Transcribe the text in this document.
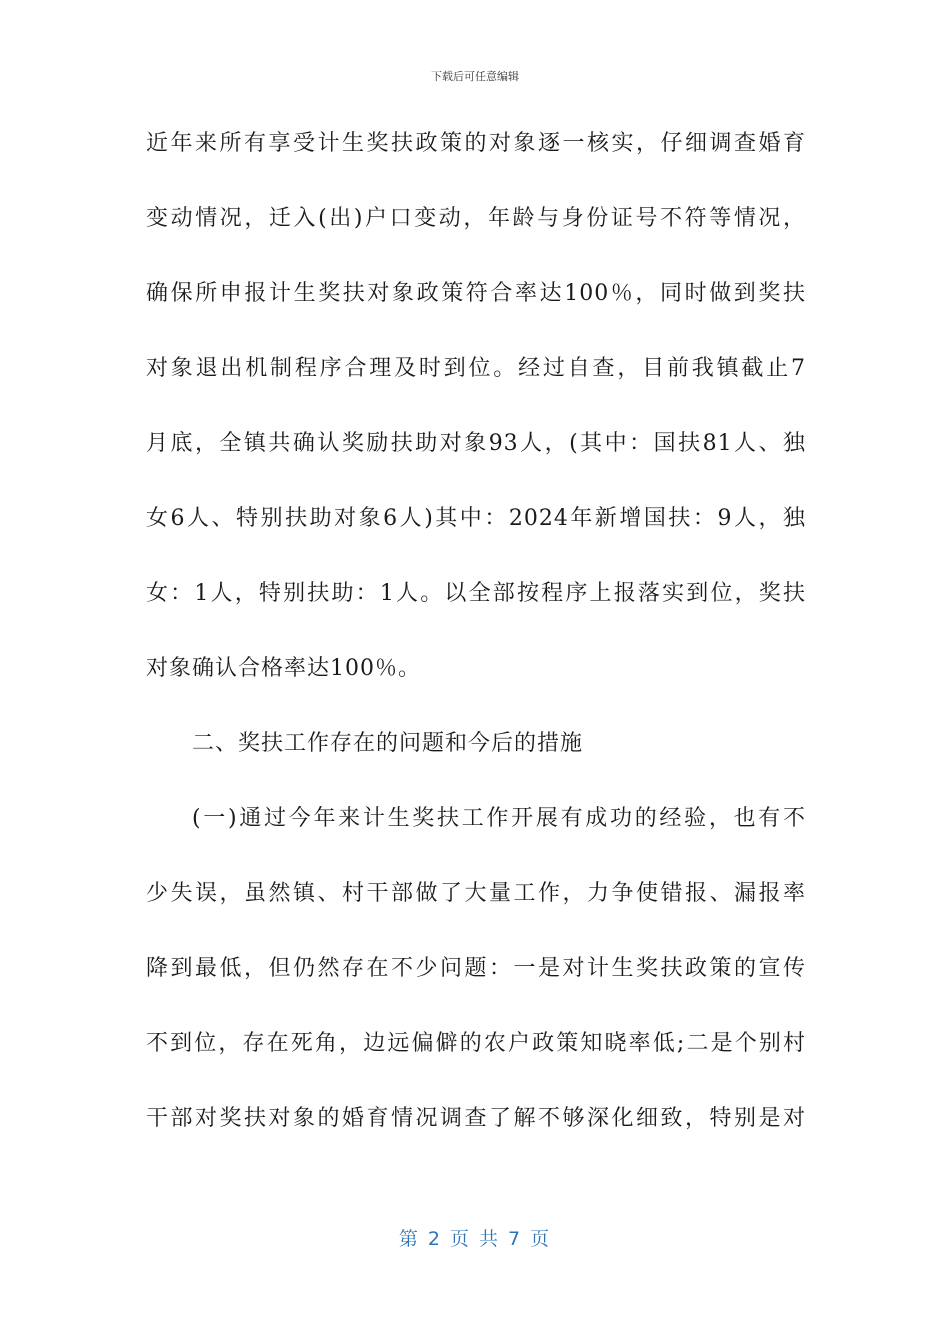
下载后可任意编辑
近年来所有享受计生奖扶政策的对象逐一核实，仔细调查婚育
变动情况，迁入(出)户口变动，年龄与身份证号不符等情况，
确保所申报计生奖扶对象政策符合率达100％，同时做到奖扶
对象退出机制程序合理及时到位。经过自查，目前我镇截止7
月底，全镇共确认奖励扶助对象93人，(其中：国扶81人、独
女6人、特别扶助对象6人)其中：2024年新增国扶：9人，独
女：1人，特别扶助：1人。以全部按程序上报落实到位，奖扶
对象确认合格率达100％。
二、奖扶工作存在的问题和今后的措施
(一)通过今年来计生奖扶工作开展有成功的经验，也有不
少失误，虽然镇、村干部做了大量工作，力争使错报、漏报率
降到最低，但仍然存在不少问题：一是对计生奖扶政策的宣传
不到位，存在死角，边远偏僻的农户政策知晓率低;二是个别村
干部对奖扶对象的婚育情况调查了解不够深化细致，特别是对
第 2 页 共 7 页
